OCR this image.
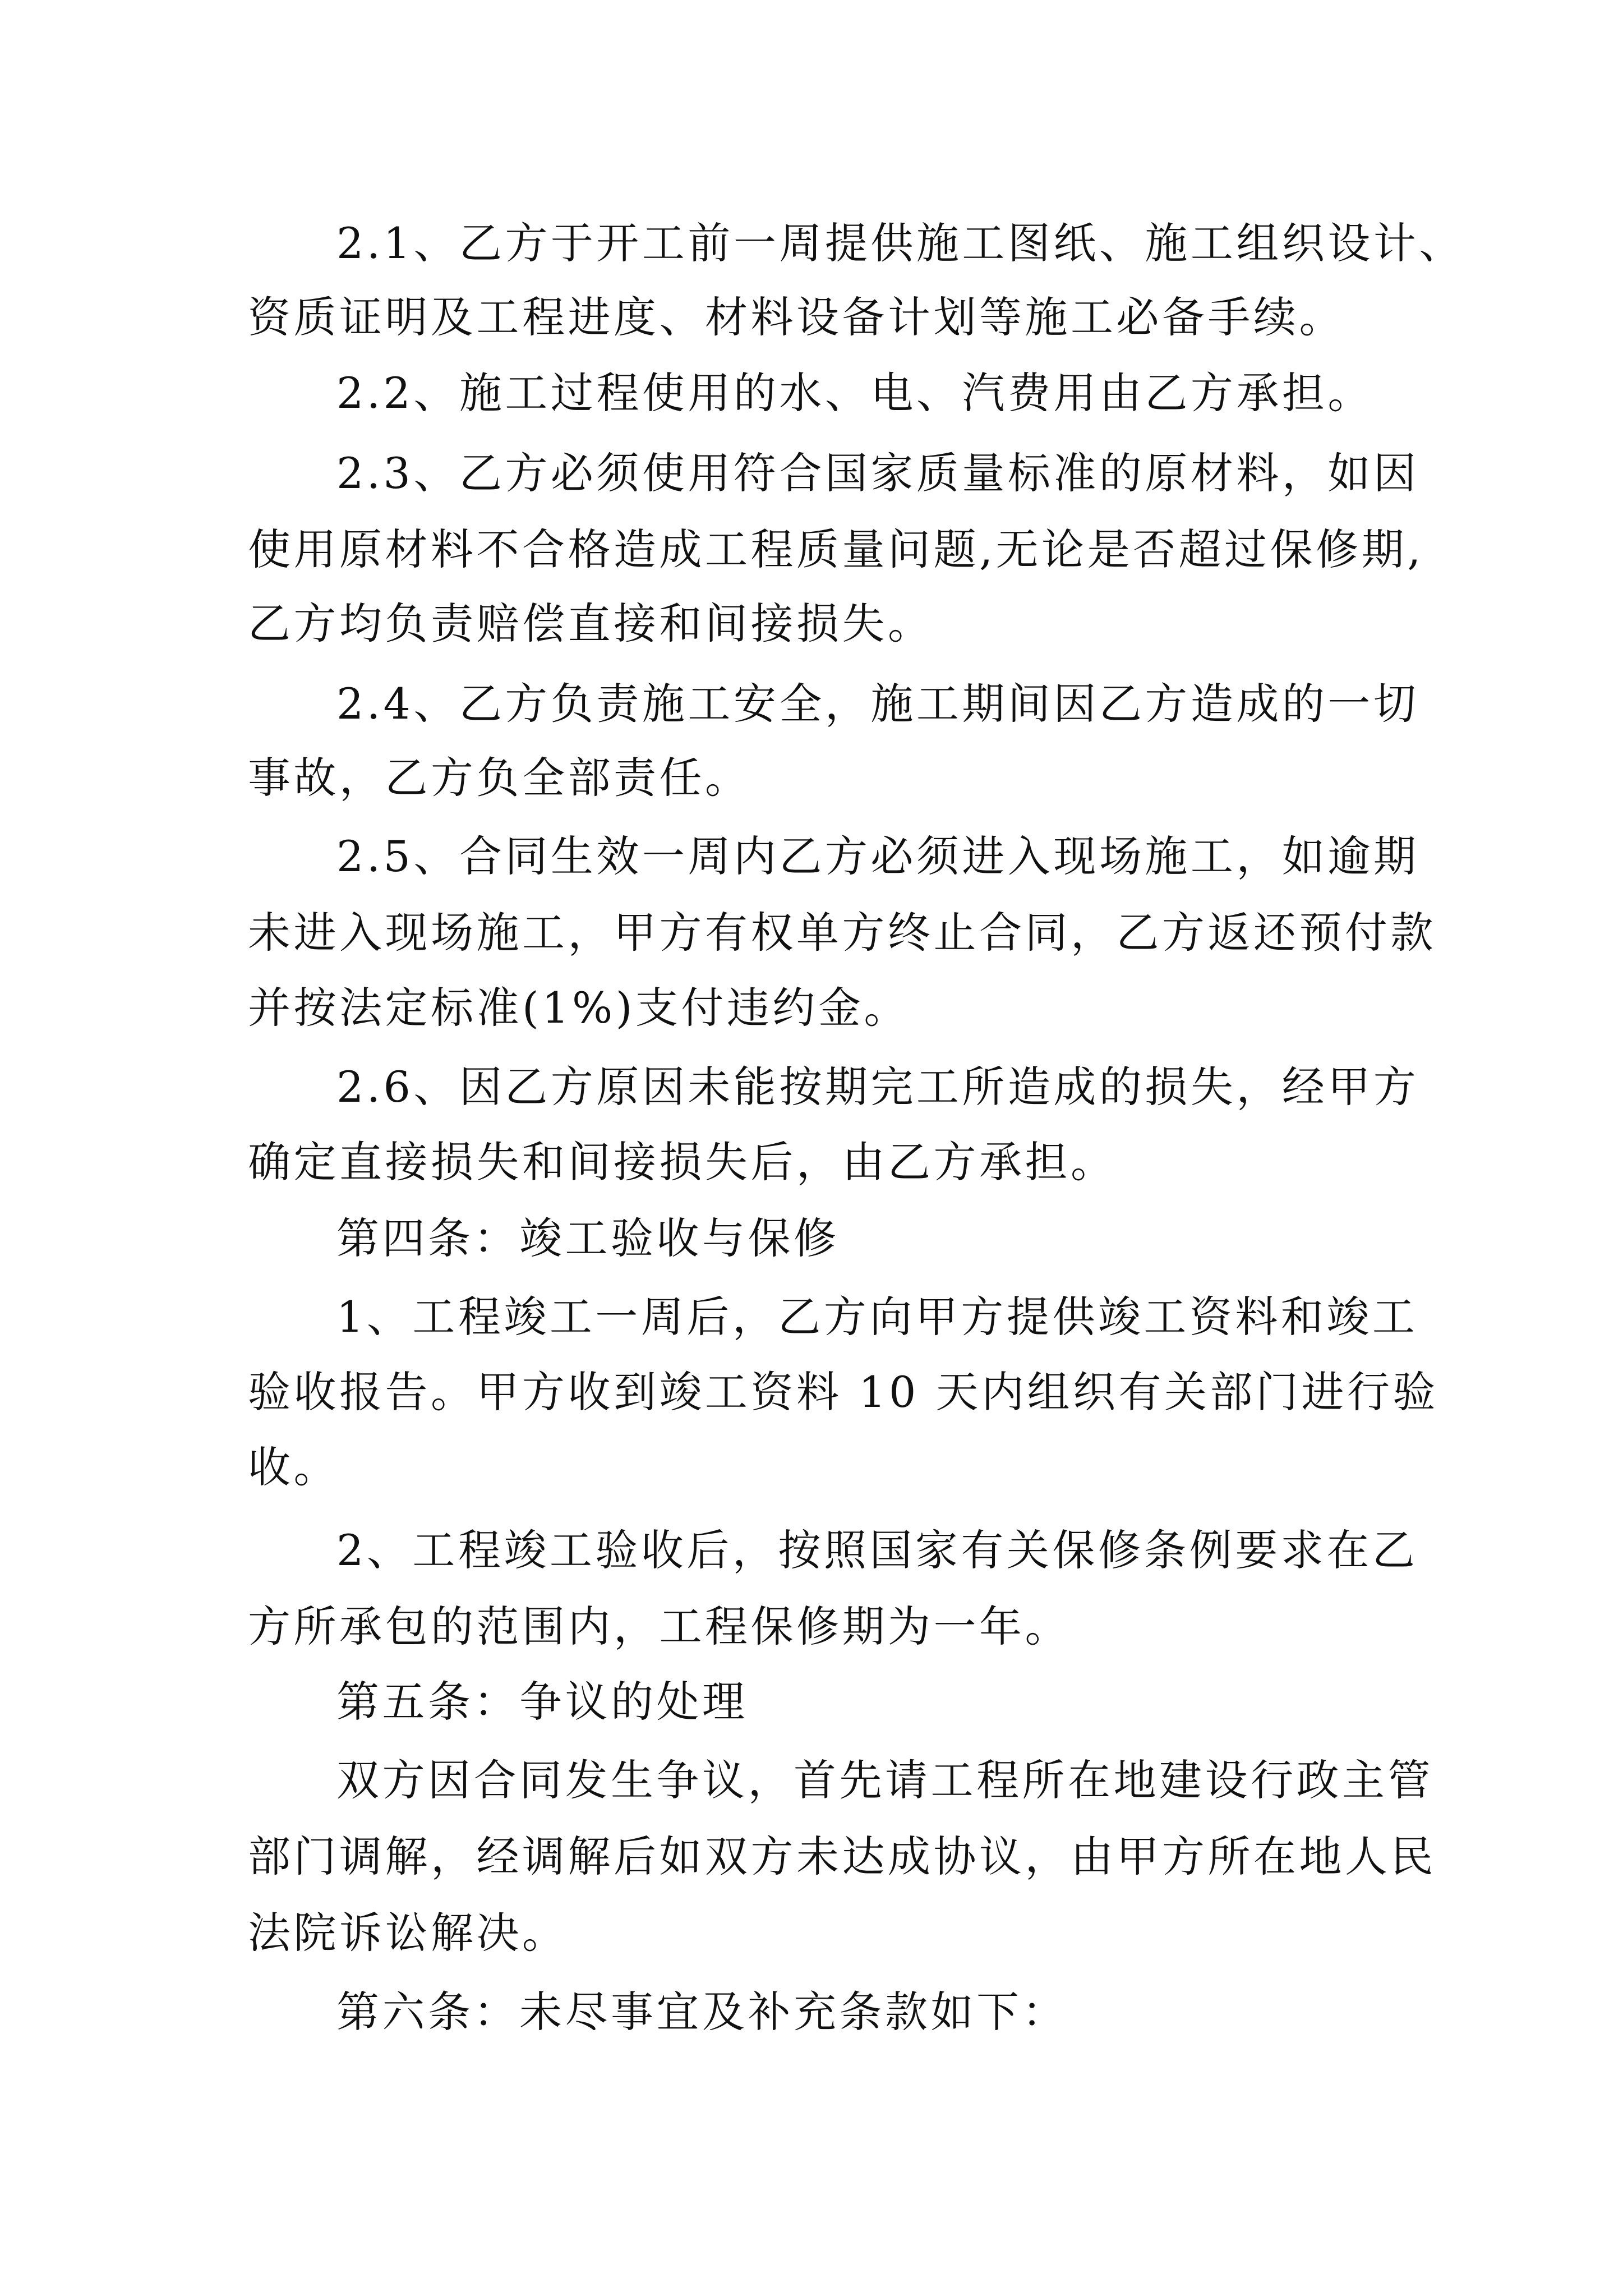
2.1、乙方于开工前一周提供施工图纸、施工组织设计、
资质证明及工程进度、材料设备计划等施工必备手续。
2.2、施工过程使用的水、电、汽费用由乙方承担。
2.3、乙方必须使用符合国家质量标准的原材料，如因
使用原材料不合格造成工程质量问题,无论是否超过保修期,
乙方均负责赔偿直接和间接损失。
2.4、乙方负责施工安全，施工期间因乙方造成的一切
事故，乙方负全部责任。
2.5、合同生效一周内乙方必须进入现场施工，如逾期
未进入现场施工，甲方有权单方终止合同，乙方返还预付款
并按法定标准(1%)支付违约金。
2.6、因乙方原因未能按期完工所造成的损失，经甲方
确定直接损失和间接损失后，由乙方承担。
第四条：竣工验收与保修
1、工程竣工一周后，乙方向甲方提供竣工资料和竣工
验收报告。甲方收到竣工资料 10 天内组织有关部门进行验
收。
2、工程竣工验收后，按照国家有关保修条例要求在乙
方所承包的范围内，工程保修期为一年。
第五条：争议的处理
双方因合同发生争议，首先请工程所在地建设行政主管
部门调解，经调解后如双方未达成协议，由甲方所在地人民
法院诉讼解决。
第六条：未尽事宜及补充条款如下：
